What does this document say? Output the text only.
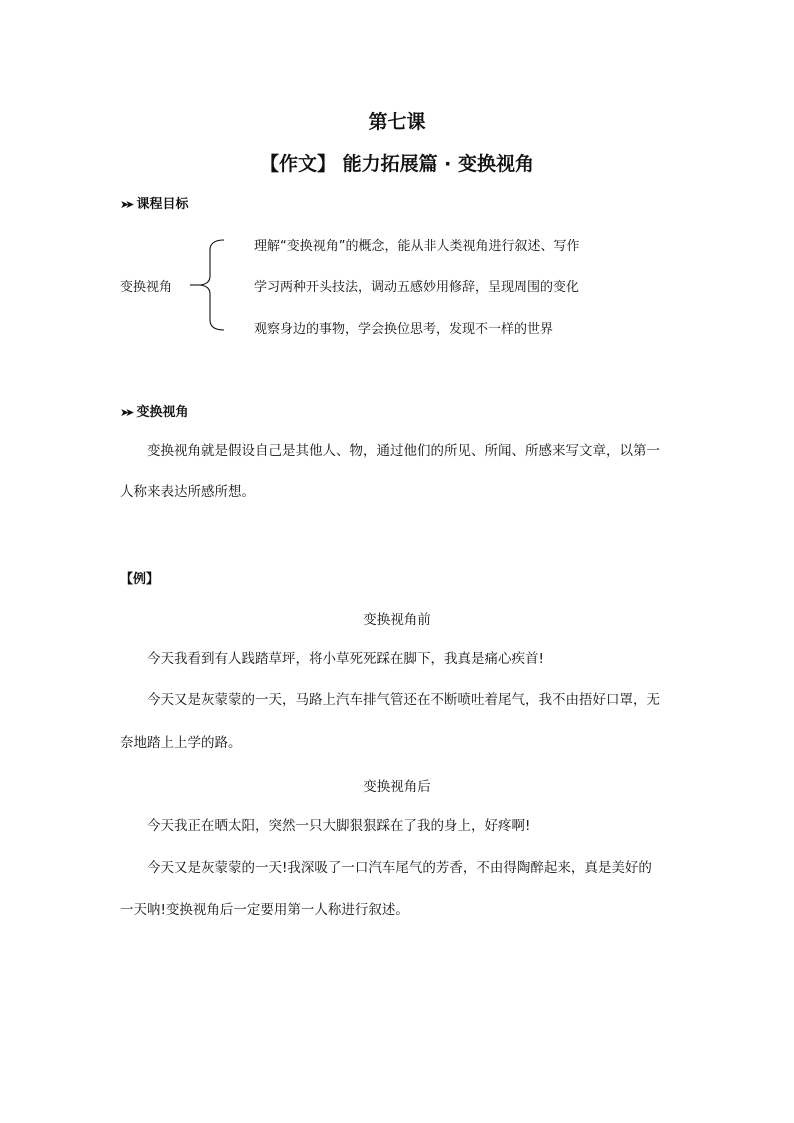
第七课
【作文】 能力拓展篇 · 变换视角
➤➤ 课程目标
变换视角
理解“变换视角”的概念，能从非人类视角进行叙述、写作
学习两种开头技法，调动五感妙用修辞，呈现周围的变化
观察身边的事物，学会换位思考，发现不一样的世界
➤➤ 变换视角
变换视角就是假设自己是其他人、物，通过他们的所见、所闻、所感来写文章，以第一
人称来表达所感所想。
【例】
变换视角前
今天我看到有人践踏草坪，将小草死死踩在脚下，我真是痛心疾首!
今天又是灰蒙蒙的一天，马路上汽车排气管还在不断喷吐着尾气，我不由捂好口罩，无
奈地踏上上学的路。
变换视角后
今天我正在晒太阳，突然一只大脚狠狠踩在了我的身上，好疼啊!
今天又是灰蒙蒙的一天!我深吸了一口汽车尾气的芳香，不由得陶醉起来，真是美好的
一天呐!变换视角后一定要用第一人称进行叙述。
